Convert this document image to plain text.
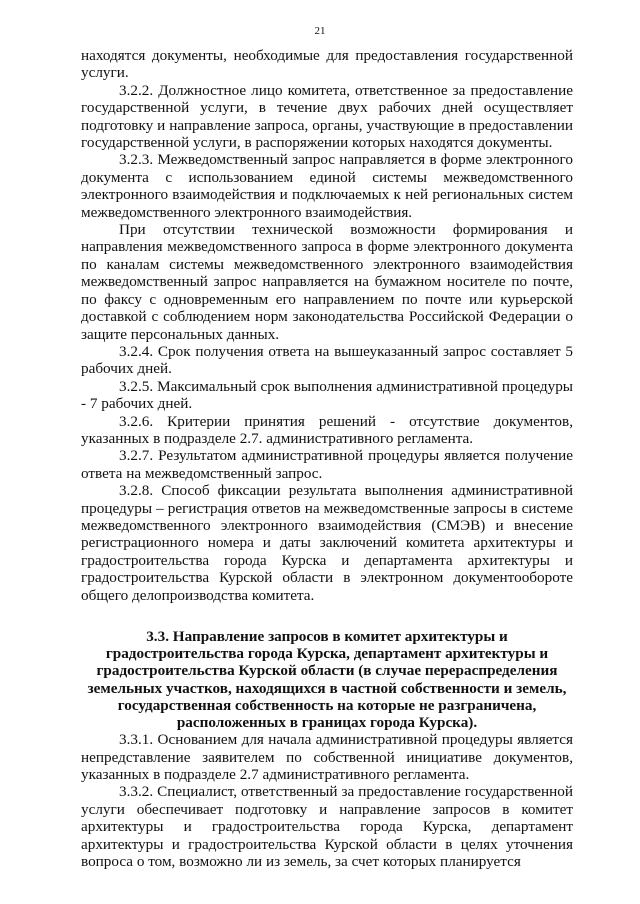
21

находятся документы, необходимые для предоставления государственной услуги.

3.2.2. Должностное лицо комитета, ответственное за предоставление государственной услуги, в течение двух рабочих дней осуществляет подготовку и направление запроса, органы, участвующие в предоставлении государственной услуги, в распоряжении которых находятся документы.

3.2.3. Межведомственный запрос направляется в форме электронного документа с использованием единой системы межведомственного электронного взаимодействия и подключаемых к ней региональных систем межведомственного электронного взаимодействия.

При отсутствии технической возможности формирования и направления межведомственного запроса в форме электронного документа по каналам системы межведомственного электронного взаимодействия межведомственный запрос направляется на бумажном носителе по почте, по факсу с одновременным его направлением по почте или курьерской доставкой с соблюдением норм законодательства Российской Федерации о защите персональных данных.

3.2.4. Срок получения ответа на вышеуказанный запрос составляет 5 рабочих дней.

3.2.5. Максимальный срок выполнения административной процедуры - 7 рабочих дней.

3.2.6. Критерии принятия решений - отсутствие документов, указанных в подразделе 2.7. административного регламента.

3.2.7. Результатом административной процедуры является получение ответа на межведомственный запрос.

3.2.8. Способ фиксации результата выполнения административной процедуры – регистрация ответов на межведомственные запросы в системе межведомственного электронного взаимодействия (СМЭВ) и внесение регистрационного номера и даты заключений комитета архитектуры и градостроительства города Курска и департамента архитектуры и градостроительства Курской области в электронном документообороте общего делопроизводства комитета.

3.3. Направление запросов в комитет архитектуры и градостроительства города Курска, департамент архитектуры и градостроительства Курской области (в случае перераспределения земельных участков, находящихся в частной собственности и земель, государственная собственность на которые не разграничена, расположенных в границах города Курска).

3.3.1. Основанием для начала административной процедуры является непредставление заявителем по собственной инициативе документов, указанных в подразделе 2.7 административного регламента.

3.3.2. Специалист, ответственный за предоставление государственной услуги обеспечивает подготовку и направление запросов в комитет архитектуры и градостроительства города Курска, департамент архитектуры и градостроительства Курской области в целях уточнения вопроса о том, возможно ли из земель, за счет которых планируется
